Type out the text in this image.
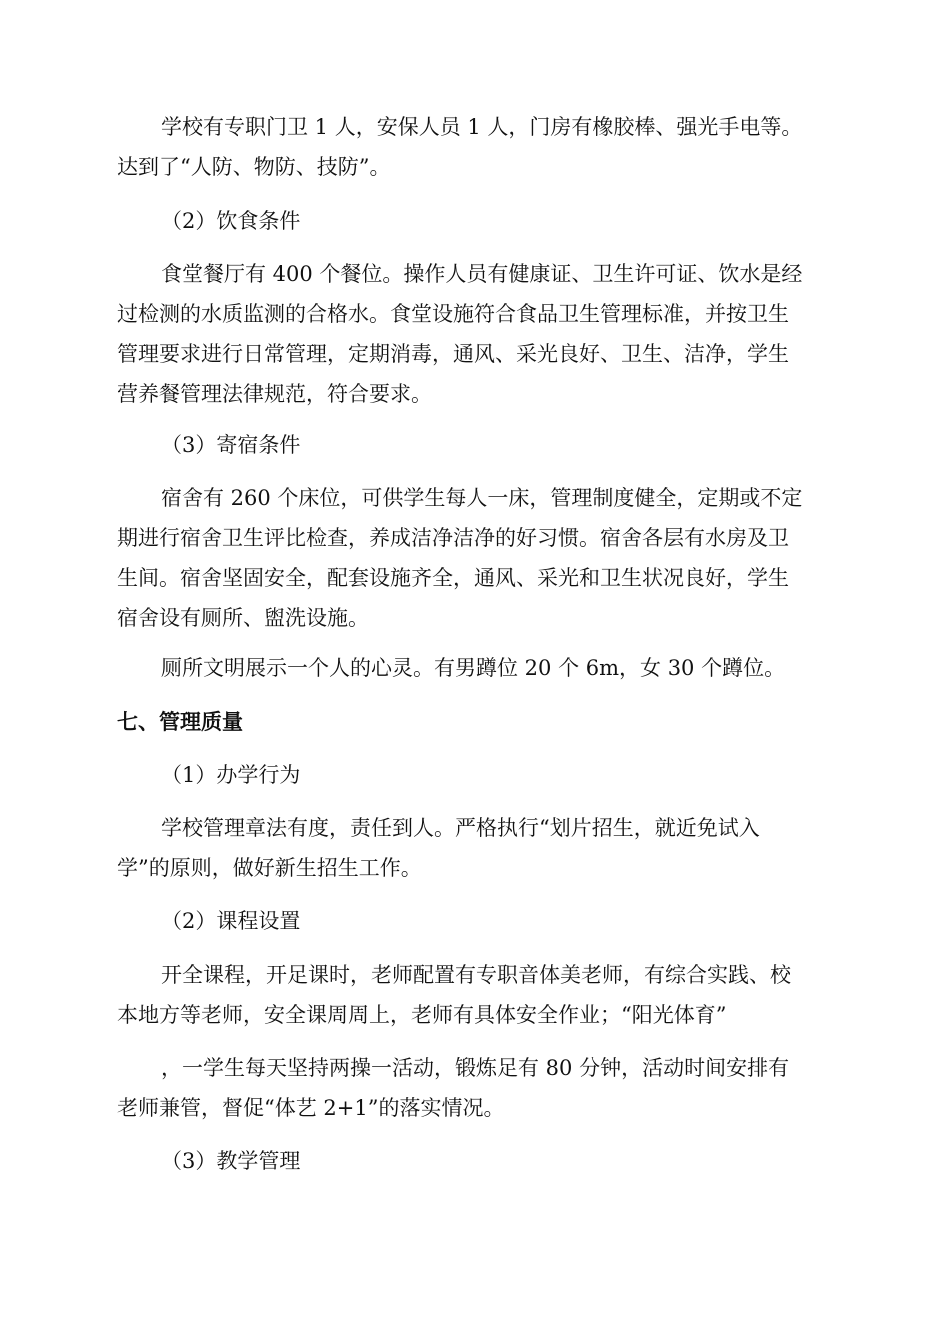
学校有专职门卫 1 人，安保人员 1 人，门房有橡胶棒、强光手电等。
达到了“人防、物防、技防”。
（2）饮食条件
食堂餐厅有 400 个餐位。操作人员有健康证、卫生许可证、饮水是经
过检测的水质监测的合格水。食堂设施符合食品卫生管理标准，并按卫生
管理要求进行日常管理，定期消毒，通风、采光良好、卫生、洁净，学生
营养餐管理法律规范，符合要求。
（3）寄宿条件
宿舍有 260 个床位，可供学生每人一床，管理制度健全，定期或不定
期进行宿舍卫生评比检查，养成洁净洁净的好习惯。宿舍各层有水房及卫
生间。宿舍坚固安全，配套设施齐全，通风、采光和卫生状况良好，学生
宿舍设有厕所、盥洗设施。
厕所文明展示一个人的心灵。有男蹲位 20 个 6m，女 30 个蹲位。
七、管理质量
（1）办学行为
学校管理章法有度，责任到人。严格执行“划片招生，就近免试入
学”的原则，做好新生招生工作。
（2）课程设置
开全课程，开足课时，老师配置有专职音体美老师，有综合实践、校
本地方等老师，安全课周周上，老师有具体安全作业；“阳光体育”
，一学生每天坚持两操一活动，锻炼足有 80 分钟，活动时间安排有
老师兼管，督促“体艺 2+1”的落实情况。
（3）教学管理
